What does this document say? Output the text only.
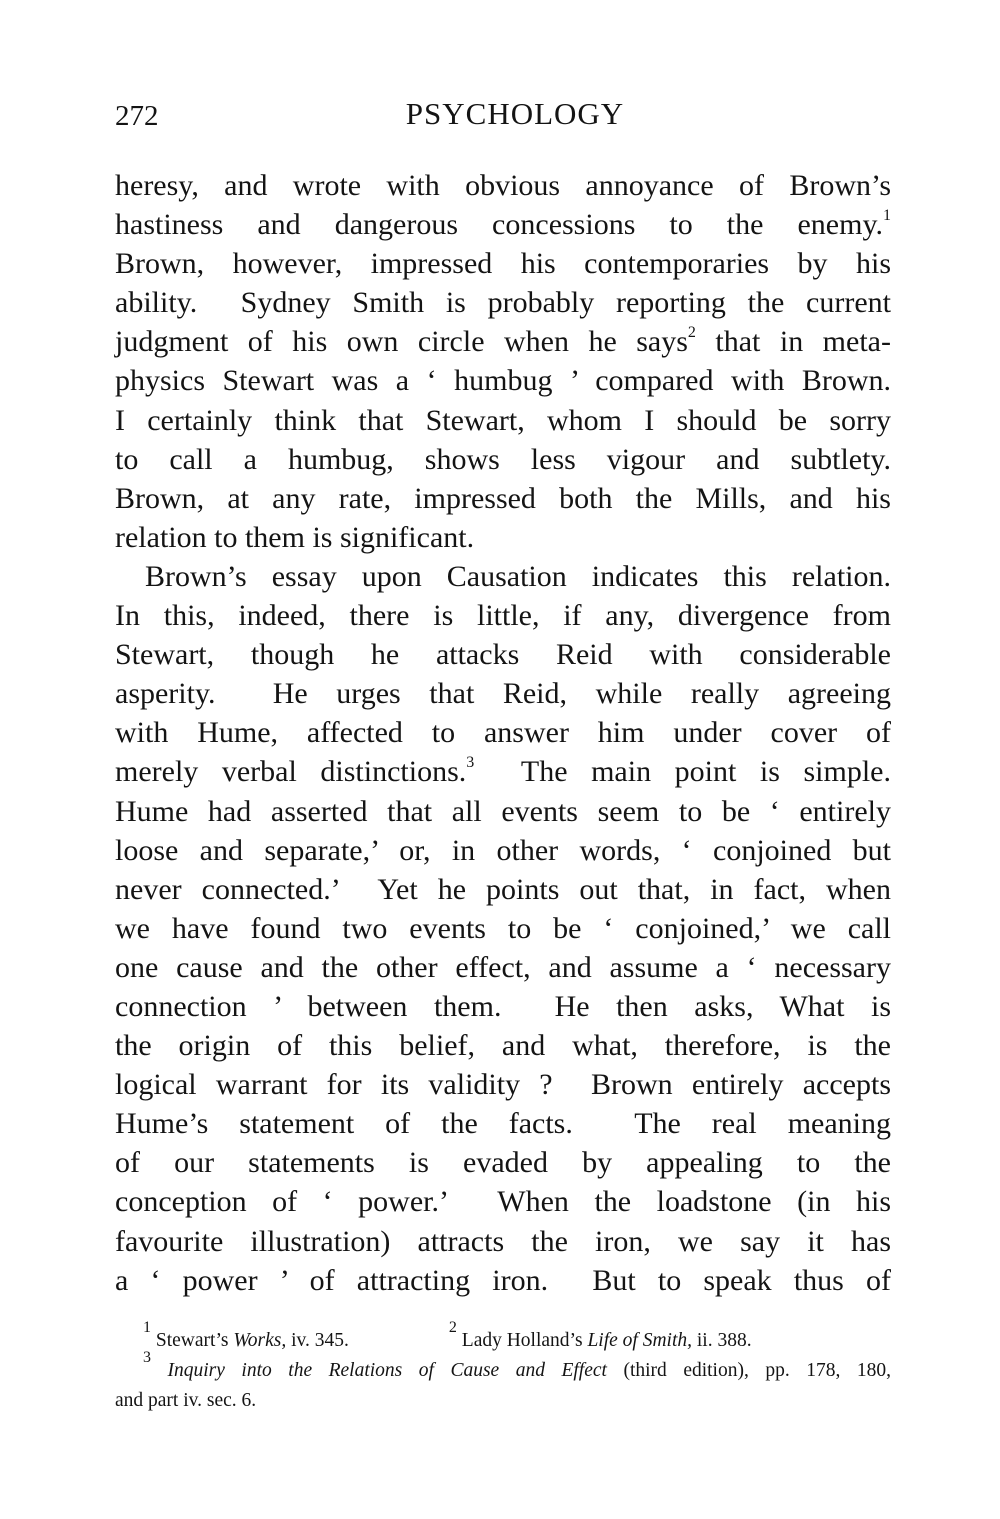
272	PSYCHOLOGY
heresy, and wrote with obvious annoyance of Brown’s
hastiness and dangerous concessions to the enemy.$^1$
Brown, however, impressed his contemporaries by his
ability.  Sydney Smith is probably reporting the current
judgment of his own circle when he says$^2$ that in meta-
physics Stewart was a ‘ humbug ’ compared with Brown.
I certainly think that Stewart, whom I should be sorry
to call a humbug, shows less vigour and subtlety.
Brown, at any rate, impressed both the Mills, and his
relation to them is significant.
Brown’s essay upon Causation indicates this relation.
In this, indeed, there is little, if any, divergence from
Stewart, though he attacks Reid with considerable
asperity.  He urges that Reid, while really agreeing
with Hume, affected to answer him under cover of
merely verbal distinctions.$^3$  The main point is simple.
Hume had asserted that all events seem to be ‘ entirely
loose and separate,’ or, in other words, ‘ conjoined but
never connected.’  Yet he points out that, in fact, when
we have found two events to be ‘ conjoined,’ we call
one cause and the other effect, and assume a ‘ necessary
connection ’ between them.  He then asks, What is
the origin of this belief, and what, therefore, is the
logical warrant for its validity ?  Brown entirely accepts
Hume’s statement of the facts.  The real meaning
of our statements is evaded by appealing to the
conception of ‘ power.’  When the loadstone (in his
favourite illustration) attracts the iron, we say it has
a ‘ power ’ of attracting iron.  But to speak thus of
$^1$ Stewart’s Works, iv. 345.$^2$ Lady Holland’s Life of Smith, ii. 388.
$^3$ Inquiry into the Relations of Cause and Effect (third edition), pp. 178, 180,
and part iv. sec. 6.
